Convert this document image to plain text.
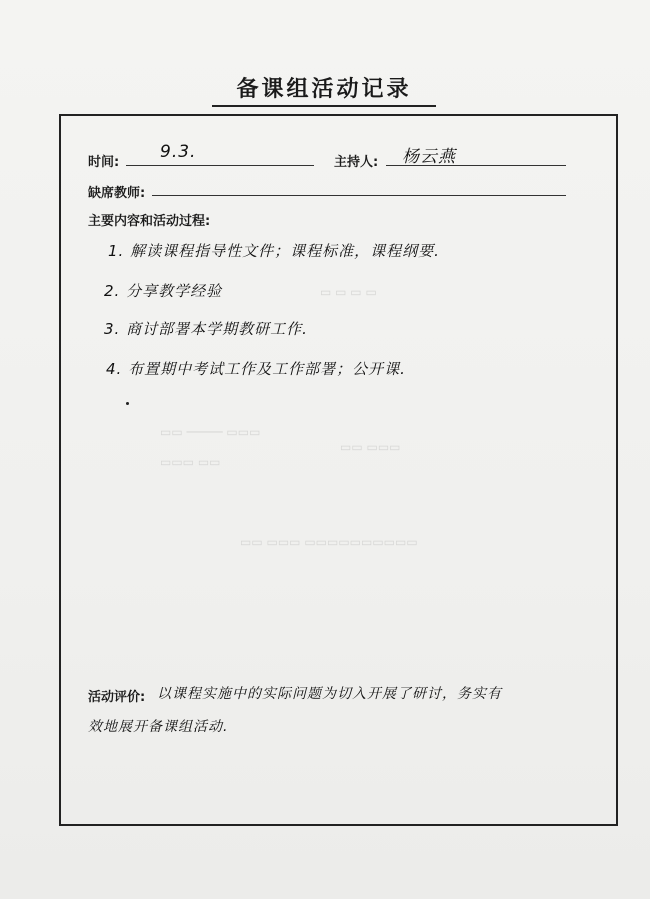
备课组活动记录
▭ ▭ ▭ ▭
▭▭ ───── ▭▭▭
▭▭ ▭▭▭
▭▭▭ ▭▭
▭▭ ▭▭▭ ▭▭▭▭▭▭▭▭▭▭
时间:
9.3.
主持人: 杨云燕
缺席教师:
主要内容和活动过程:
1. 解读课程指导性文件；课程标准，课程纲要.
2. 分享教学经验
3. 商讨部署本学期教研工作.
4. 布置期中考试工作及工作部署；公开课.
活动评价: 以课程实施中的实际问题为切入开展了研讨，务实有
效地展开备课组活动.
